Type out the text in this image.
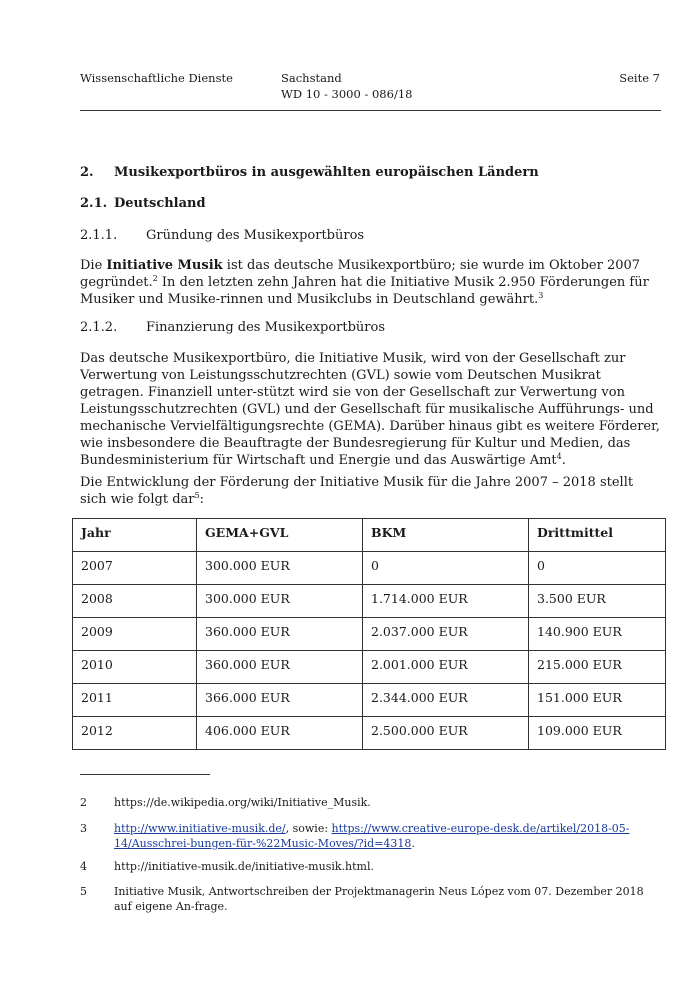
Wissenschaftliche Dienste	Sachstand
WD 10 - 3000 - 086/18
Seite 7
2. Musikexportbüros in ausgewählten europäischen Ländern
2.1. Deutschland
2.1.1. Gründung des Musikexportbüros
Die Initiative Musik ist das deutsche Musikexportbüro; sie wurde im Oktober 2007 gegründet.$^2$ In den letzten zehn Jahren hat die Initiative Musik 2.950 Förderungen für Musiker und Musike-rinnen und Musikclubs in Deutschland gewährt.$^3$
2.1.2. Finanzierung des Musikexportbüros
Das deutsche Musikexportbüro, die Initiative Musik, wird von der Gesellschaft zur Verwertung von Leistungsschutzrechten (GVL) sowie vom Deutschen Musikrat getragen. Finanziell unter-stützt wird sie von der Gesellschaft zur Verwertung von Leistungsschutzrechten (GVL) und der Gesellschaft für musikalische Aufführungs- und mechanische Vervielfältigungsrechte (GEMA). Darüber hinaus gibt es weitere Förderer, wie insbesondere die Beauftragte der Bundesregierung für Kultur und Medien, das Bundesministerium für Wirtschaft und Energie und das Auswärtige Amt$^4$.
Die Entwicklung der Förderung der Initiative Musik für die Jahre 2007 – 2018 stellt sich wie folgt dar$^5$:
Jahr	GEMA+GVL	BKM	Drittmittel
2007	300.000 EUR	0	0
2008	300.000 EUR	1.714.000 EUR	3.500 EUR
2009	360.000 EUR	2.037.000 EUR	140.900 EUR
2010	360.000 EUR	2.001.000 EUR	215.000 EUR
2011	366.000 EUR	2.344.000 EUR	151.000 EUR
2012	406.000 EUR	2.500.000 EUR	109.000 EUR
2 https://de.wikipedia.org/wiki/Initiative_Musik.
3 http://www.initiative-musik.de/, sowie: https://www.creative-europe-desk.de/artikel/2018-05-14/Ausschrei-bungen-für-%22Music-Moves/?id=4318.
4 http://initiative-musik.de/initiative-musik.html.
5 Initiative Musik, Antwortschreiben der Projektmanagerin Neus López vom 07. Dezember 2018 auf eigene An-frage.
